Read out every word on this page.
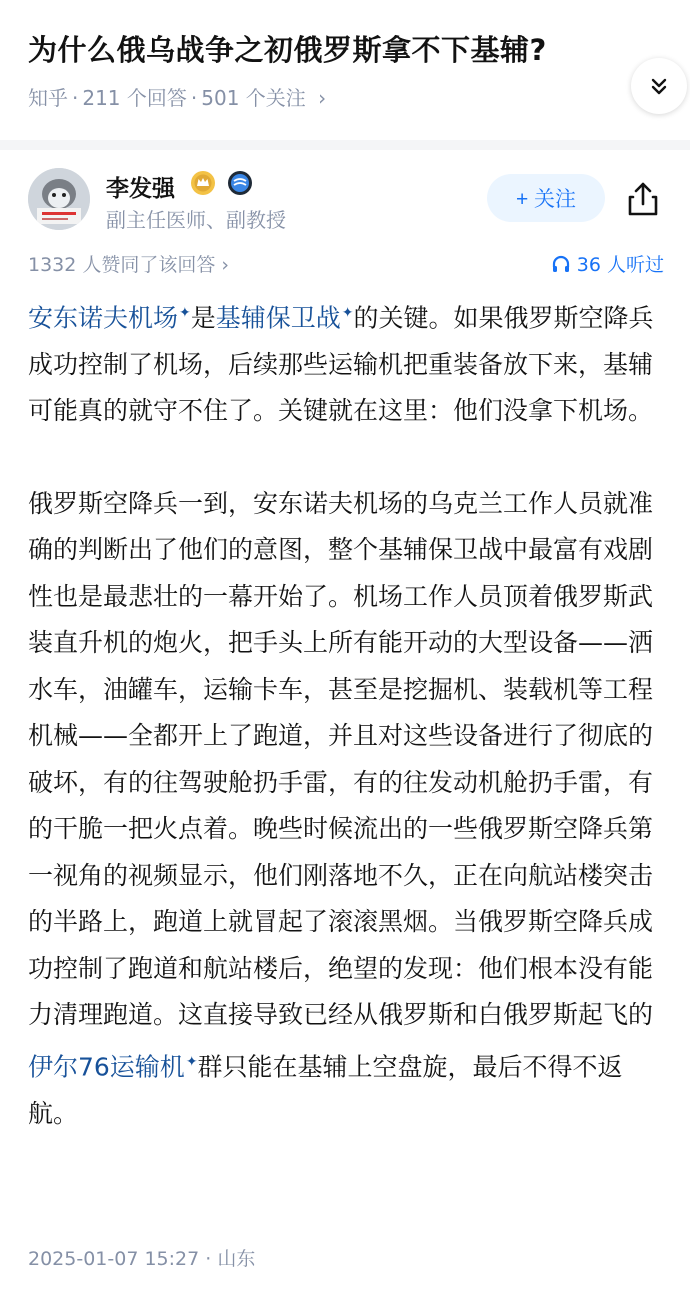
为什么俄乌战争之初俄罗斯拿不下基辅?
知乎 · 211 个回答 · 501 个关注 ›
李发强
副主任医师、副教授
+ 关注
1332 人赞同了该回答 ›	36 人听过

安东诺夫机场✦是基辅保卫战✦的关键。如果俄罗斯空降兵成功控制了机场，后续那些运输机把重装备放下来，基辅可能真的就守不住了。关键就在这里：他们没拿下机场。

俄罗斯空降兵一到，安东诺夫机场的乌克兰工作人员就准确的判断出了他们的意图，整个基辅保卫战中最富有戏剧性也是最悲壮的一幕开始了。机场工作人员顶着俄罗斯武装直升机的炮火，把手头上所有能开动的大型设备——洒水车，油罐车，运输卡车，甚至是挖掘机、装载机等工程机械——全都开上了跑道，并且对这些设备进行了彻底的破坏，有的往驾驶舱扔手雷，有的往发动机舱扔手雷，有的干脆一把火点着。晚些时候流出的一些俄罗斯空降兵第一视角的视频显示，他们刚落地不久，正在向航站楼突击的半路上，跑道上就冒起了滚滚黑烟。当俄罗斯空降兵成功控制了跑道和航站楼后，绝望的发现：他们根本没有能力清理跑道。这直接导致已经从俄罗斯和白俄罗斯起飞的伊尔76运输机✦群只能在基辅上空盘旋，最后不得不返航。

2025-01-07 15:27 · 山东
